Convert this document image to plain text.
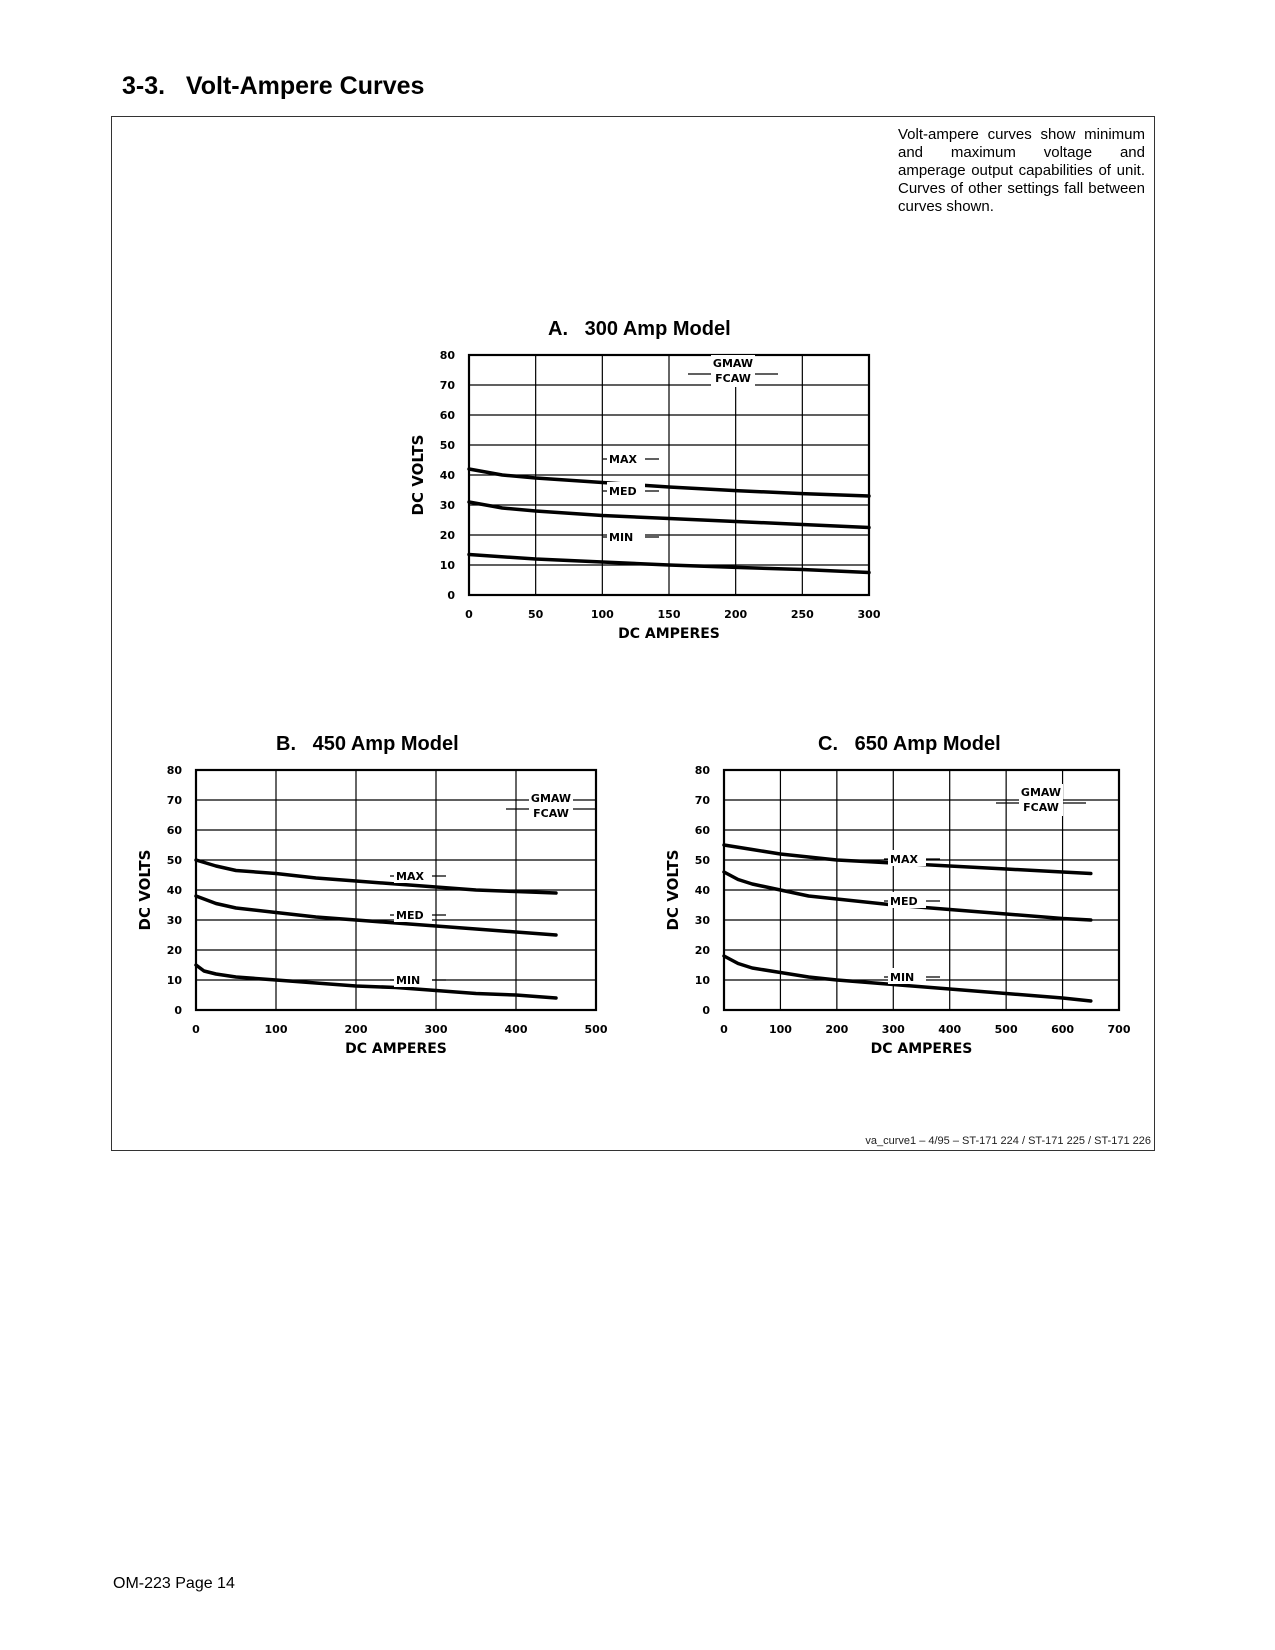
3-3.   Volt-Ampere Curves

Volt-ampere curves show minimum and maximum voltage and amperage output capabilities of unit. Curves of other settings fall between curves shown.

A.   300 Amp Model
0	50	100	150	200	250	300
0
10
20
30
40
50
60
70
80
DC AMPERES
DC VOLTS	MAX
MED
MIN
GMAW
FCAW
B.   450 Amp Model
0	100	200	300	400	500
0
10
20
30
40
50
60
70
80
DC AMPERES
DC VOLTS	MAX
MED
MIN
GMAW
FCAW
C.   650 Amp Model
0	100	200	300	400	500	600	700
0
10
20
30
40
50
60
70
80
DC AMPERES
DC VOLTS	MAX
MED
MIN
GMAW
FCAW
va_curve1 – 4/95 – ST-171 224 / ST-171 225 / ST-171 226
OM-223 Page 14
